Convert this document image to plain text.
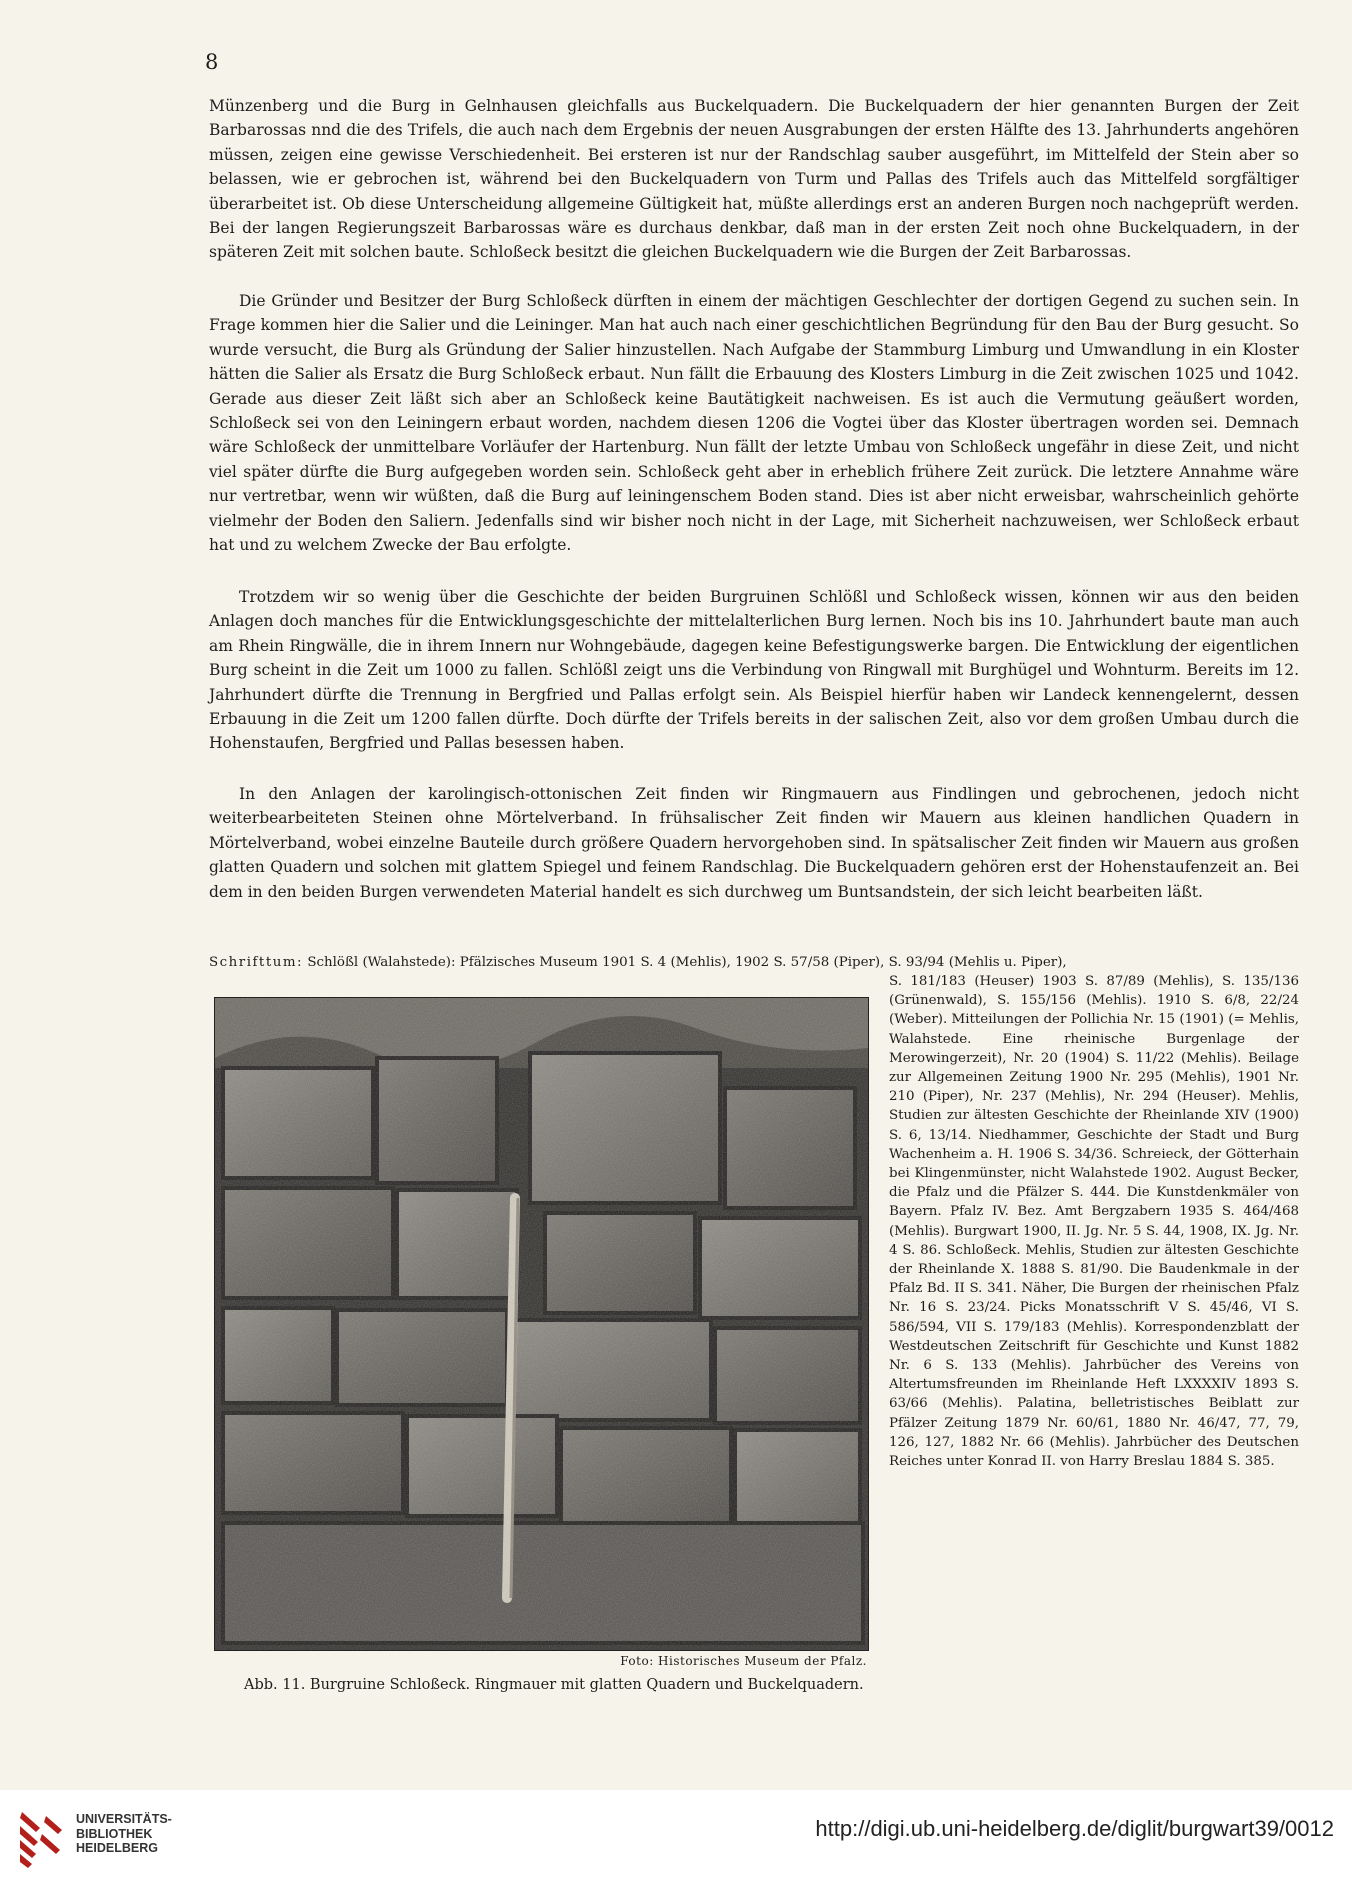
8

Münzenberg und die Burg in Gelnhausen gleichfalls aus Buckelquadern. Die Buckelquadern der hier genannten Burgen der Zeit Barbarossas nnd die des Trifels, die auch nach dem Ergebnis der neuen Ausgrabungen der ersten Hälfte des 13. Jahrhunderts angehören müssen, zeigen eine gewisse Verschiedenheit. Bei ersteren ist nur der Randschlag sauber ausgeführt, im Mittelfeld der Stein aber so belassen, wie er gebrochen ist, während bei den Buckelquadern von Turm und Pallas des Trifels auch das Mittelfeld sorgfältiger überarbeitet ist. Ob diese Unterscheidung allgemeine Gültigkeit hat, müßte allerdings erst an anderen Burgen noch nachgeprüft werden. Bei der langen Regierungszeit Barbarossas wäre es durchaus denkbar, daß man in der ersten Zeit noch ohne Buckelquadern, in der späteren Zeit mit solchen baute. Schloßeck besitzt die gleichen Buckelquadern wie die Burgen der Zeit Barbarossas.

Die Gründer und Besitzer der Burg Schloßeck dürften in einem der mächtigen Geschlechter der dortigen Gegend zu suchen sein. In Frage kommen hier die Salier und die Leininger. Man hat auch nach einer geschichtlichen Begründung für den Bau der Burg gesucht. So wurde versucht, die Burg als Gründung der Salier hinzustellen. Nach Aufgabe der Stammburg Limburg und Umwandlung in ein Kloster hätten die Salier als Ersatz die Burg Schloßeck erbaut. Nun fällt die Erbauung des Klosters Limburg in die Zeit zwischen 1025 und 1042. Gerade aus dieser Zeit läßt sich aber an Schloßeck keine Bautätigkeit nachweisen. Es ist auch die Vermutung geäußert worden, Schloßeck sei von den Leiningern erbaut worden, nachdem diesen 1206 die Vogtei über das Kloster übertragen worden sei. Demnach wäre Schloßeck der unmittelbare Vorläufer der Hartenburg. Nun fällt der letzte Umbau von Schloßeck ungefähr in diese Zeit, und nicht viel später dürfte die Burg aufgegeben worden sein. Schloßeck geht aber in erheblich frühere Zeit zurück. Die letztere Annahme wäre nur vertretbar, wenn wir wüßten, daß die Burg auf leiningenschem Boden stand. Dies ist aber nicht erweisbar, wahrscheinlich gehörte vielmehr der Boden den Saliern. Jedenfalls sind wir bisher noch nicht in der Lage, mit Sicherheit nachzuweisen, wer Schloßeck erbaut hat und zu welchem Zwecke der Bau erfolgte.

Trotzdem wir so wenig über die Geschichte der beiden Burgruinen Schlößl und Schloßeck wissen, können wir aus den beiden Anlagen doch manches für die Entwicklungsgeschichte der mittelalterlichen Burg lernen. Noch bis ins 10. Jahrhundert baute man auch am Rhein Ringwälle, die in ihrem Innern nur Wohngebäude, dagegen keine Befestigungswerke bargen. Die Entwicklung der eigentlichen Burg scheint in die Zeit um 1000 zu fallen. Schlößl zeigt uns die Verbindung von Ringwall mit Burghügel und Wohnturm. Bereits im 12. Jahrhundert dürfte die Trennung in Bergfried und Pallas erfolgt sein. Als Beispiel hierfür haben wir Landeck kennengelernt, dessen Erbauung in die Zeit um 1200 fallen dürfte. Doch dürfte der Trifels bereits in der salischen Zeit, also vor dem großen Umbau durch die Hohenstaufen, Bergfried und Pallas besessen haben.

In den Anlagen der karolingisch-ottonischen Zeit finden wir Ringmauern aus Findlingen und gebrochenen, jedoch nicht weiterbearbeiteten Steinen ohne Mörtelverband. In frühsalischer Zeit finden wir Mauern aus kleinen handlichen Quadern in Mörtelverband, wobei einzelne Bauteile durch größere Quadern hervorgehoben sind. In spätsalischer Zeit finden wir Mauern aus großen glatten Quadern und solchen mit glattem Spiegel und feinem Randschlag. Die Buckelquadern gehören erst der Hohenstaufenzeit an. Bei dem in den beiden Burgen verwendeten Material handelt es sich durchweg um Buntsandstein, der sich leicht bearbeiten läßt.

Schrifttum: Schlößl (Walahstede): Pfälzisches Museum 1901 S. 4 (Mehlis), 1902 S. 57/58 (Piper), S. 93/94 (Mehlis u. Piper),

S. 181/183 (Heuser) 1903 S. 87/89 (Mehlis), S. 135/136 (Grünenwald), S. 155/156 (Mehlis). 1910 S. 6/8, 22/24 (Weber). Mitteilungen der Pollichia Nr. 15 (1901) (= Mehlis, Walahstede. Eine rheinische Burgenlage der Merowingerzeit), Nr. 20 (1904) S. 11/22 (Mehlis). Beilage zur Allgemeinen Zeitung 1900 Nr. 295 (Mehlis), 1901 Nr. 210 (Piper), Nr. 237 (Mehlis), Nr. 294 (Heuser). Mehlis, Studien zur ältesten Geschichte der Rheinlande XIV (1900) S. 6, 13/14. Niedhammer, Geschichte der Stadt und Burg Wachenheim a. H. 1906 S. 34/36. Schreieck, der Götterhain bei Klingenmünster, nicht Walahstede 1902. August Becker, die Pfalz und die Pfälzer S. 444. Die Kunstdenkmäler von Bayern. Pfalz IV. Bez. Amt Bergzabern 1935 S. 464/468 (Mehlis). Burgwart 1900, II. Jg. Nr. 5 S. 44, 1908, IX. Jg. Nr. 4 S. 86. Schloßeck. Mehlis, Studien zur ältesten Geschichte der Rheinlande X. 1888 S. 81/90. Die Baudenkmale in der Pfalz Bd. II S. 341. Näher, Die Burgen der rheinischen Pfalz Nr. 16 S. 23/24. Picks Monatsschrift V S. 45/46, VI S. 586/594, VII S. 179/183 (Mehlis). Korrespondenzblatt der Westdeutschen Zeitschrift für Geschichte und Kunst 1882 Nr. 6 S. 133 (Mehlis). Jahrbücher des Vereins von Altertumsfreunden im Rheinlande Heft LXXXXIV 1893 S. 63/66 (Mehlis). Palatina, belletristisches Beiblatt zur Pfälzer Zeitung 1879 Nr. 60/61, 1880 Nr. 46/47, 77, 79, 126, 127, 1882 Nr. 66 (Mehlis). Jahrbücher des Deutschen Reiches unter Konrad II. von Harry Breslau 1884 S. 385.

Foto: Historisches Museum der Pfalz.
Abb. 11. Burgruine Schloßeck. Ringmauer mit glatten Quadern und Buckelquadern.
UNIVERSITÄTS-
BIBLIOTHEK
HEIDELBERG
http://digi.ub.uni-heidelberg.de/diglit/burgwart39/0012
